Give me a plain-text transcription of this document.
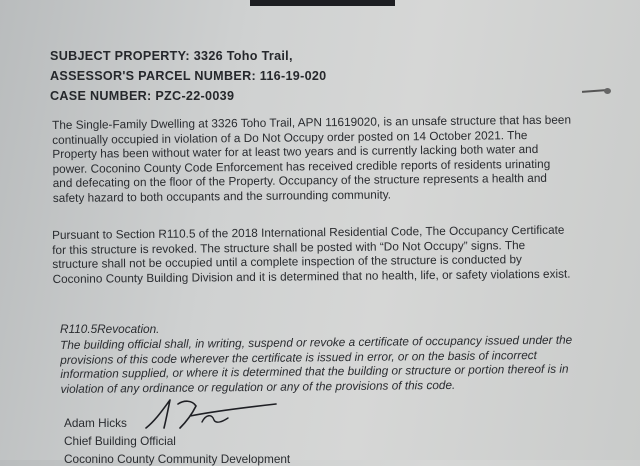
SUBJECT PROPERTY: 3326 Toho Trail,
ASSESSOR'S PARCEL NUMBER: 116-19-020
CASE NUMBER: PZC-22-0039

The Single-Family Dwelling at 3326 Toho Trail, APN 11619020, is an unsafe structure that has been continually occupied in violation of a Do Not Occupy order posted on 14 October 2021. The Property has been without water for at least two years and is currently lacking both water and power. Coconino County Code Enforcement has received credible reports of residents urinating and defecating on the floor of the Property. Occupancy of the structure represents a health and safety hazard to both occupants and the surrounding community.

Pursuant to Section R110.5 of the 2018 International Residential Code, The Occupancy Certificate for this structure is revoked. The structure shall be posted with “Do Not Occupy” signs. The structure shall not be occupied until a complete inspection of the structure is conducted by Coconino County Building Division and it is determined that no health, life, or safety violations exist.

R110.5Revocation.

The building official shall, in writing, suspend or revoke a certificate of occupancy issued under the provisions of this code wherever the certificate is issued in error, or on the basis of incorrect information supplied, or where it is determined that the building or structure or portion thereof is in violation of any ordinance or regulation or any of the provisions of this code.

Adam Hicks
Chief Building Official
Coconino County Community Development
